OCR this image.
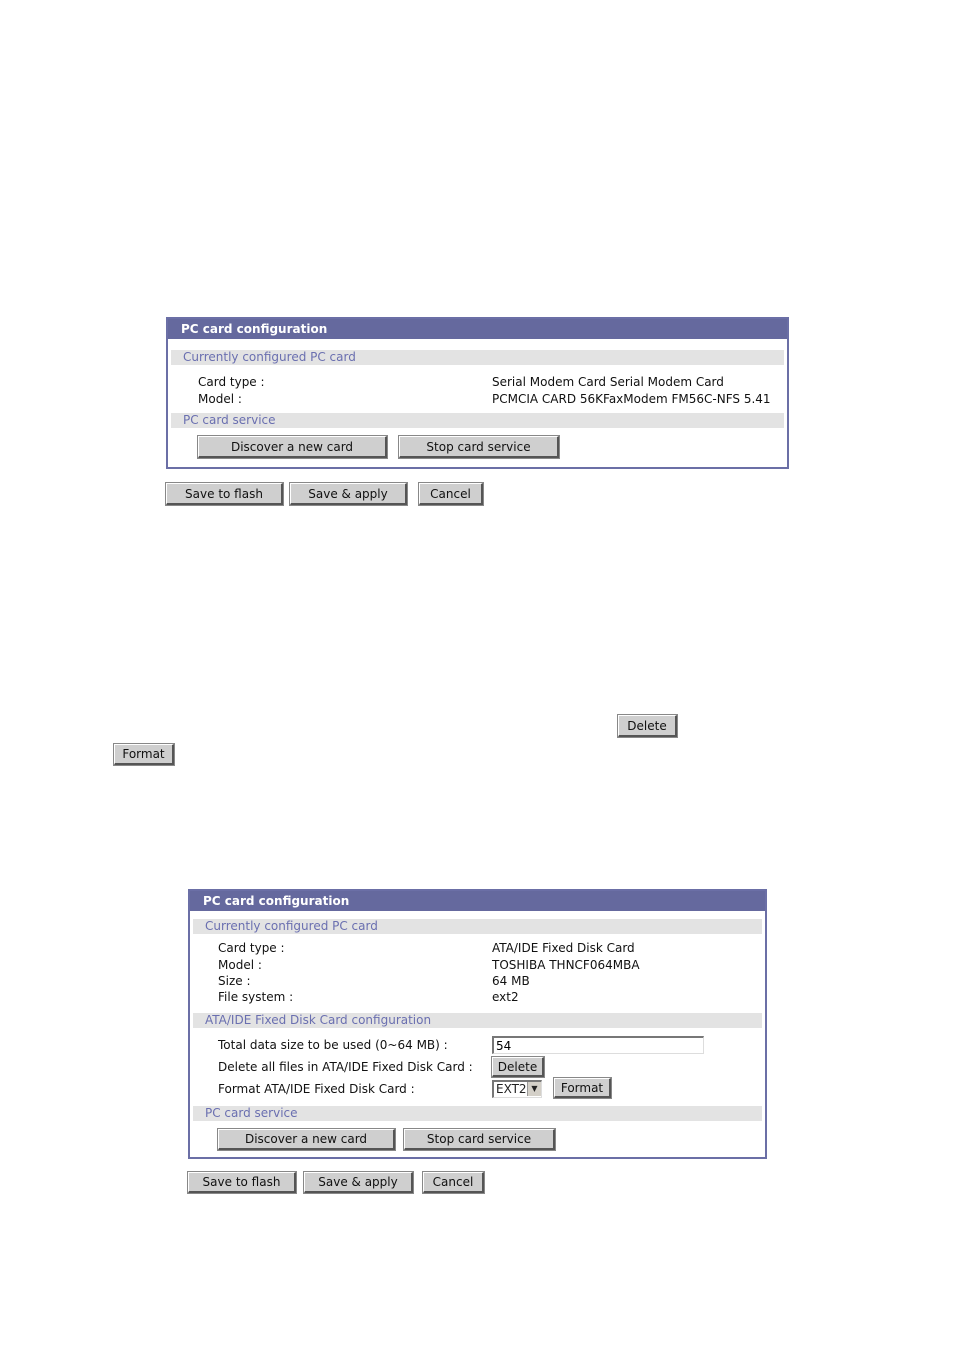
PC card configuration
Currently configured PC card
Card type :	Serial Modem Card Serial Modem Card
Model :	PCMCIA CARD 56KFaxModem FM56C-NFS 5.41
PC card service
Discover a new card	Stop card service
Save to flash	Save & apply	Cancel
Delete
Format
PC card configuration
Currently configured PC card
Card type :	ATA/IDE Fixed Disk Card
Model :	TOSHIBA THNCF064MBA
Size :	64 MB
File system :	ext2
ATA/IDE Fixed Disk Card configuration
Total data size to be used (0~64 MB) :
54
Delete all files in ATA/IDE Fixed Disk Card :	Delete
Format ATA/IDE Fixed Disk Card :	EXT2 ▼	Format
PC card service
Discover a new card	Stop card service
Save to flash	Save & apply	Cancel
